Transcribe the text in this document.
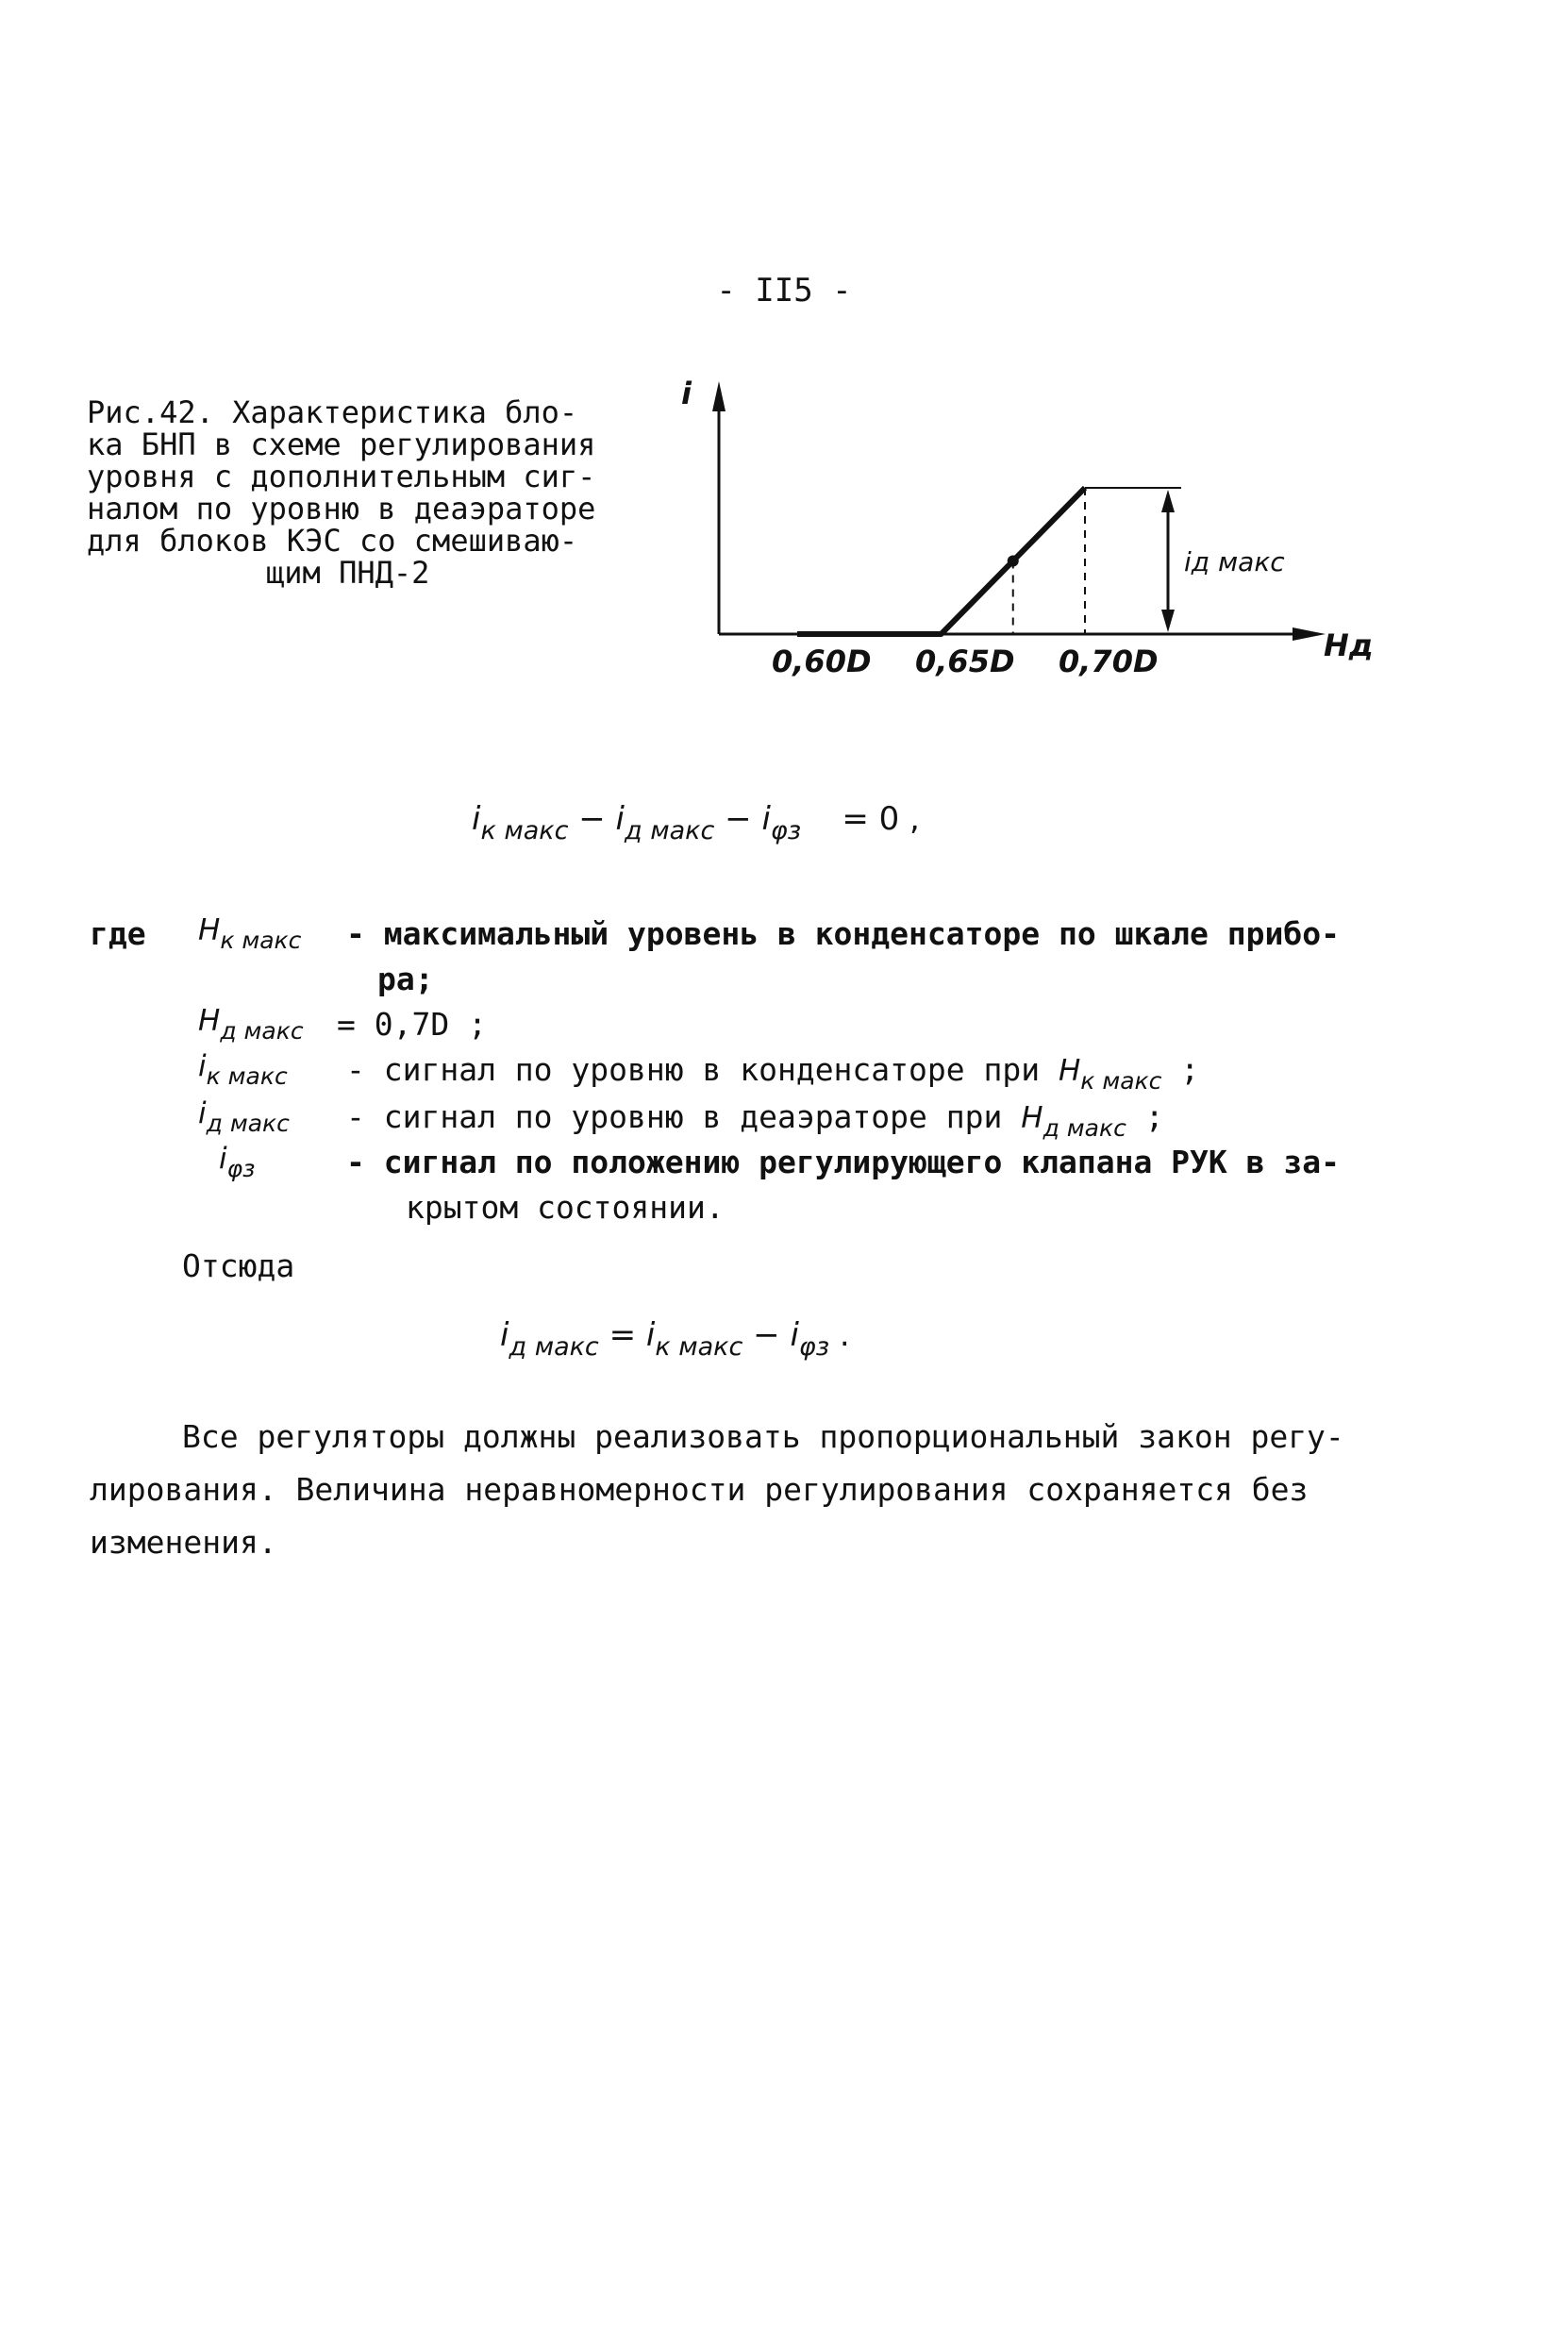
- II5 -
Рис.42. Характеристика бло-
ка БНП в схеме регулирования
уровня с дополнительным сиг-
налом по уровню в деаэраторе
для блоков КЭС со смешиваю-
щим ПНД-2
i
Hд
iд макс
0,60D 0,65D 0,70D
$i_{к макс} - i_{д макс} - i_{\varphi з} = 0$ ,
где $H_{к макс}$ - максимальный уровень в конденсаторе по шкале прибо-
ра;
$H_{д макс} = 0,7D$ ;
$i_{к макс}$ - сигнал по уровню в конденсаторе при $H_{к макс}$ ;
$i_{д макс}$ - сигнал по уровню в деаэраторе при $H_{д макс}$ ;
$i_{\varphi з}$	- сигнал по положению регулирующего клапана РУК в за-
крытом состоянии.
Отсюда
$i_{д макс} = i_{к макс} - i_{\varphi з}$ .
Все регуляторы должны реализовать пропорциональный закон регу-
лирования. Величина неравномерности регулирования сохраняется без
изменения.
